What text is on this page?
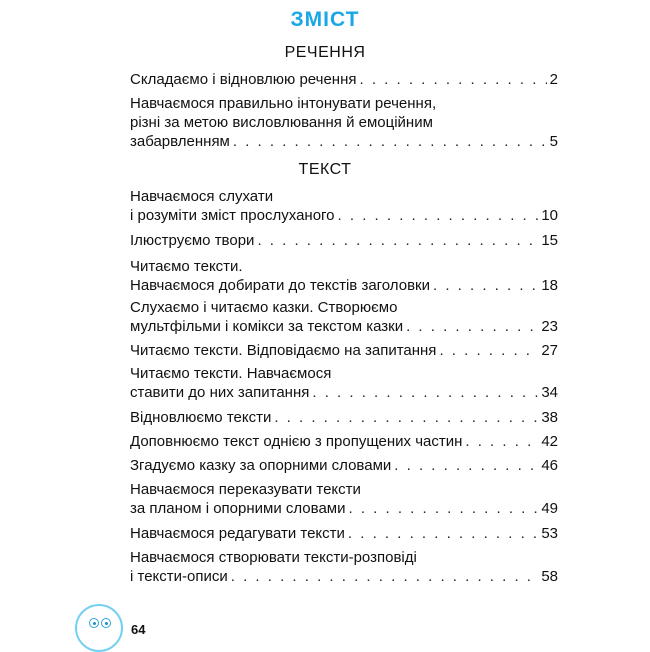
ЗМІСТ
РЕЧЕННЯ
Складаємо і відновлюю речення . . .	2
Навчаємося правильно інтонувати речення,
різні за метою висловлювання й емоційним
забарвленням . . .	5
ТЕКСТ
Навчаємося слухати
і розуміти зміст прослуханого . . .	10
Ілюструємо твори . . .	15
Читаємо тексти.
Навчаємося добирати до текстів заголовки . . .	18
Слухаємо і читаємо казки. Створюємо
мультфільми і комікси за текстом казки . . .	23
Читаємо тексти. Відповідаємо на запитання . . .	27
Читаємо тексти. Навчаємося
ставити до них запитання . . .	34
Відновлюємо тексти . . .	38
Доповнюємо текст однією з пропущених частин . . .	42
Згадуємо казку за опорними словами . . .	46
Навчаємося переказувати тексти
за планом і опорними словами . . .	49
Навчаємося редагувати тексти . . .	53
Навчаємося створювати тексти-розповіді
і тексти-описи . . .	58
64
